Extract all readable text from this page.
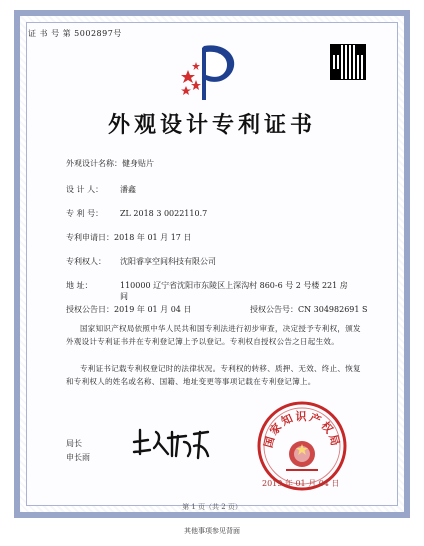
证 书 号 第 5002897号
外观设计专利证书
外观设计名称：健身贴片
设 计 人： 潘鑫
专 利 号： ZL 2018 3 0022110.7
专利申请日：2018 年 01 月 17 日
专利权人： 沈阳睿享空间科技有限公司
地 址：	110000 辽宁省沈阳市东陵区上深沟村 860-6 号 2 号楼 221 房
间
授权公告日：2019 年 01 月 04 日	授权公告号：CN 304982691 S
国家知识产权局依照中华人民共和国专利法进行初步审查，决定授予专利权，颁发外观设计专利证书并在专利登记簿上予以登记。专利权自授权公告之日起生效。
专利证书记载专利权登记时的法律状况。专利权的转移、质押、无效、终止、恢复和专利权人的姓名或名称、国籍、地址变更等事项记载在专利登记簿上。
局长
申长雨
国家知识产权局
2019 年 01 月 04 日
第 1 页（共 2 页）
其他事项参见背面
